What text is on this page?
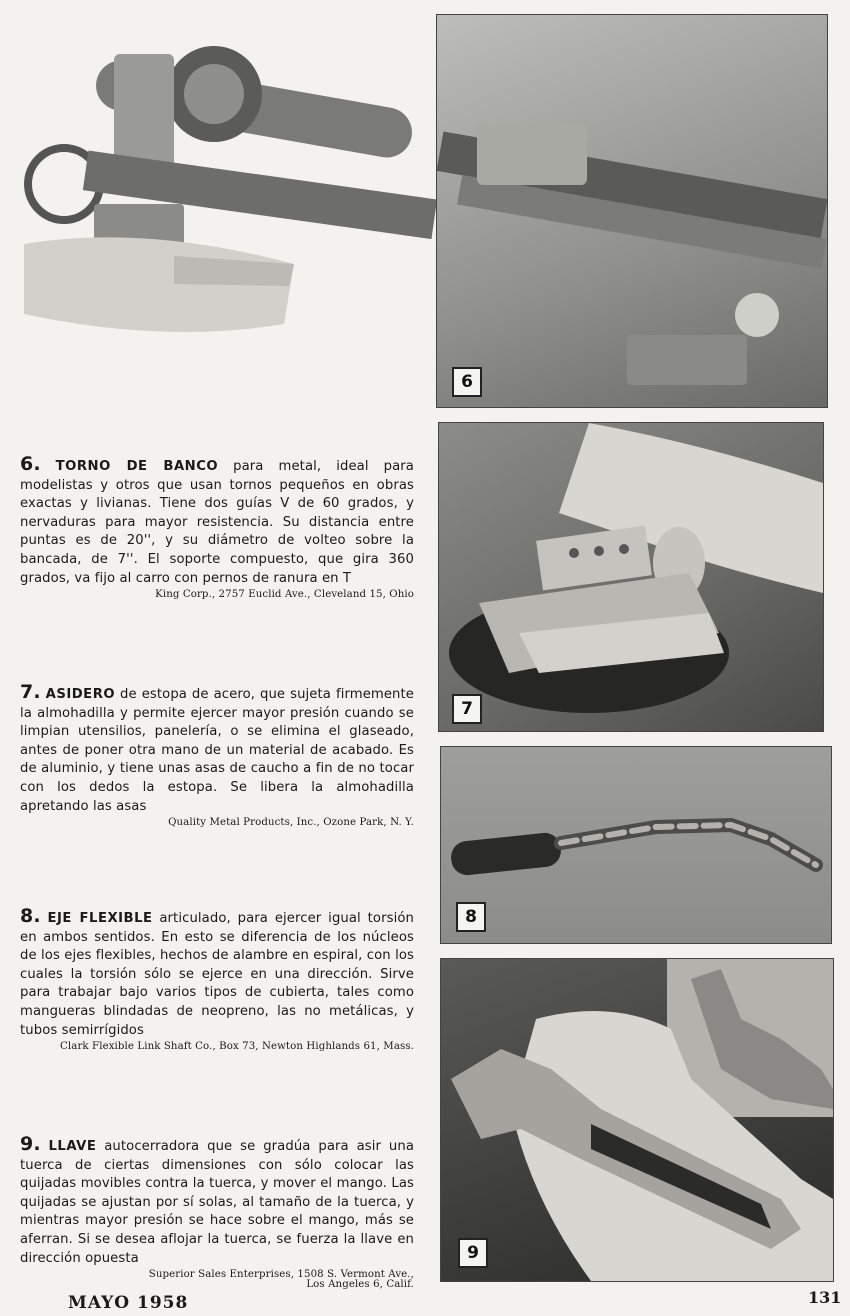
6
7
8
9
6. TORNO DE BANCO para metal, ideal para modelistas y otros que usan tornos pequeños en obras exactas y livianas. Tiene dos guías V de 60 grados, y nervaduras para mayor resistencia. Su distancia entre puntas es de 20'', y su diámetro de volteo sobre la bancada, de 7''. El soporte compuesto, que gira 360 grados, va fijo al carro con pernos de ranura en T
King Corp., 2757 Euclid Ave., Cleveland 15, Ohio
7. ASIDERO de estopa de acero, que sujeta firmemente la almohadilla y permite ejercer mayor presión cuando se limpian utensilios, panelería, o se elimina el glaseado, antes de poner otra mano de un material de acabado. Es de aluminio, y tiene unas asas de caucho a fin de no tocar con los dedos la estopa. Se libera la almohadilla apretando las asas
Quality Metal Products, Inc., Ozone Park, N. Y.
8. EJE FLEXIBLE articulado, para ejercer igual torsión en ambos sentidos. En esto se diferencia de los núcleos de los ejes flexibles, hechos de alambre en espiral, con los cuales la torsión sólo se ejerce en una dirección. Sirve para trabajar bajo varios tipos de cubierta, tales como mangueras blindadas de neopreno, las no metálicas, y tubos semirrígidos
Clark Flexible Link Shaft Co., Box 73, Newton Highlands 61, Mass.
9. LLAVE autocerradora que se gradúa para asir una tuerca de ciertas dimensiones con sólo colocar las quijadas movibles contra la tuerca, y mover el mango. Las quijadas se ajustan por sí solas, al tamaño de la tuerca, y mientras mayor presión se hace sobre el mango, más se aferran. Si se desea aflojar la tuerca, se fuerza la llave en dirección opuesta
Superior Sales Enterprises, 1508 S. Vermont Ave.,
Los Angeles 6, Calif.
MAYO 1958	131
